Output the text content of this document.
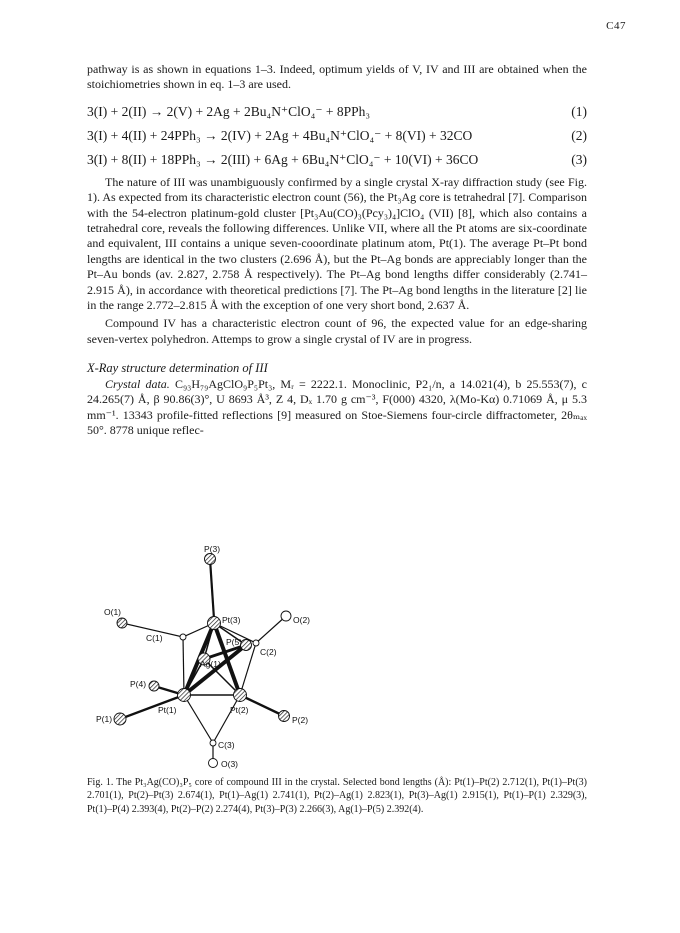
C47

pathway is as shown in equations 1–3. Indeed, optimum yields of V, IV and III are obtained when the stoichiometries shown in eq. 1–3 are used.

3(I) + 2(II) → 2(V) + 2Ag + 2Bu₄N⁺ClO₄⁻ + 8PPh₃	(1)
3(I) + 4(II) + 24PPh₃ → 2(IV) + 2Ag + 4Bu₄N⁺ClO₄⁻ + 8(VI) + 32CO	(2)
3(I) + 8(II) + 18PPh₃ → 2(III) + 6Ag + 6Bu₄N⁺ClO₄⁻ + 10(VI) + 36CO	(3)

The nature of III was unambiguously confirmed by a single crystal X-ray diffraction study (see Fig. 1). As expected from its characteristic electron count (56), the Pt₃Ag core is tetrahedral [7]. Comparison with the 54-electron platinum-gold cluster [Pt₃Au(CO)₃(Pcy₃)₄]ClO₄ (VII) [8], which also contains a tetrahedral core, reveals the following differences. Unlike VII, where all the Pt atoms are six-coordinate and equivalent, III contains a unique seven-cooordinate platinum atom, Pt(1). The average Pt–Pt bond lengths are identical in the two clusters (2.696 Å), but the Pt–Ag bonds are appreciably longer than the Pt–Au bonds (av. 2.827, 2.758 Å respectively). The Pt–Ag bond lengths differ considerably (2.741–2.915 Å), in accordance with theoretical predictions [7]. The Pt–Ag bond lengths in the literature [2] lie in the range 2.772–2.815 Å with the exception of one very short bond, 2.637 Å.

Compound IV has a characteristic electron count of 96, the expected value for an edge-sharing seven-vertex polyhedron. Attemps to grow a single crystal of IV are in progress.

X-Ray structure determination of III

Crystal data. C₉₃H₇₉AgClO₉P₅Pt₃, Mᵣ = 2222.1. Monoclinic, P2₁/n, a 14.021(4), b 25.553(7), c 24.265(7) Å, β 90.86(3)°, U 8693 Å³, Z 4, Dₓ 1.70 g cm⁻³, F(000) 4320, λ(Mo-Kα) 0.71069 Å, μ 5.3 mm⁻¹. 13343 profile-fitted reflections [9] measured on Stoe-Siemens four-circle diffractometer, 2θₘₐₓ 50°. 8778 unique reflec-

P(3)
O(1)
C(1)
Pt(3)	O(2)
P(5)
C(2)
Ag(1)
P(4)
Pt(1)	Pt(2)
P(1)	P(2)
C(3)
O(3)
Fig. 1. The Pt₃Ag(CO)₃P₅ core of compound III in the crystal. Selected bond lengths (Å): Pt(1)–Pt(2) 2.712(1), Pt(1)–Pt(3) 2.701(1), Pt(2)–Pt(3) 2.674(1), Pt(1)–Ag(1) 2.741(1), Pt(2)–Ag(1) 2.823(1), Pt(3)–Ag(1) 2.915(1), Pt(1)–P(1) 2.329(3), Pt(1)–P(4) 2.393(4), Pt(2)–P(2) 2.274(4), Pt(3)–P(3) 2.266(3), Ag(1)–P(5) 2.392(4).
